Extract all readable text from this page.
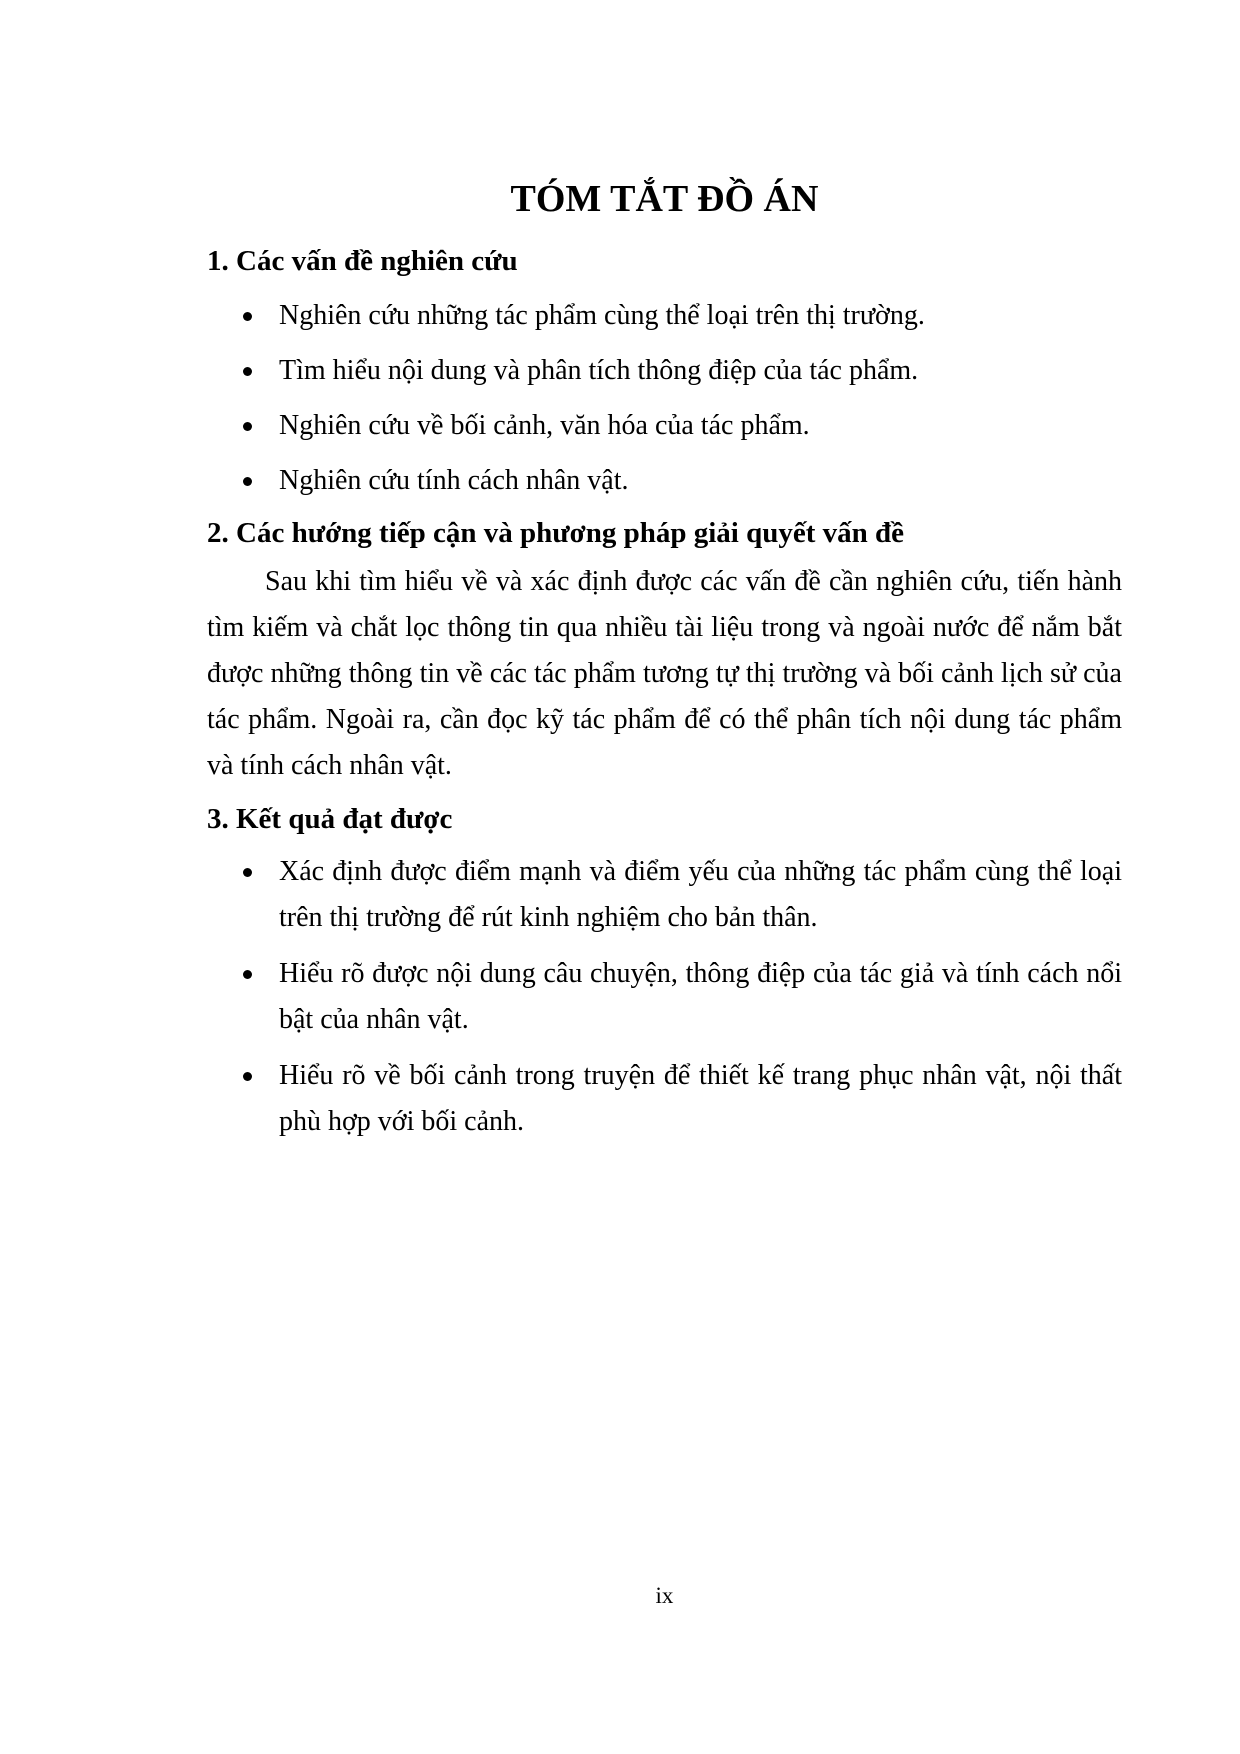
TÓM TẮT ĐỒ ÁN
1. Các vấn đề nghiên cứu
Nghiên cứu những tác phẩm cùng thể loại trên thị trường.
Tìm hiểu nội dung và phân tích thông điệp của tác phẩm.
Nghiên cứu về bối cảnh, văn hóa của tác phẩm.
Nghiên cứu tính cách nhân vật.
2. Các hướng tiếp cận và phương pháp giải quyết vấn đề

Sau khi tìm hiểu về và xác định được các vấn đề cần nghiên cứu, tiến hành tìm kiếm và chắt lọc thông tin qua nhiều tài liệu trong và ngoài nước để nắm bắt được những thông tin về các tác phẩm tương tự thị trường và bối cảnh lịch sử của tác phẩm. Ngoài ra, cần đọc kỹ tác phẩm để có thể phân tích nội dung tác phẩm và tính cách nhân vật.

3. Kết quả đạt được
Xác định được điểm mạnh và điểm yếu của những tác phẩm cùng thể loại trên thị trường để rút kinh nghiệm cho bản thân.
Hiểu rõ được nội dung câu chuyện, thông điệp của tác giả và tính cách nổi bật của nhân vật.
Hiểu rõ về bối cảnh trong truyện để thiết kế trang phục nhân vật, nội thất phù hợp với bối cảnh.
ix
